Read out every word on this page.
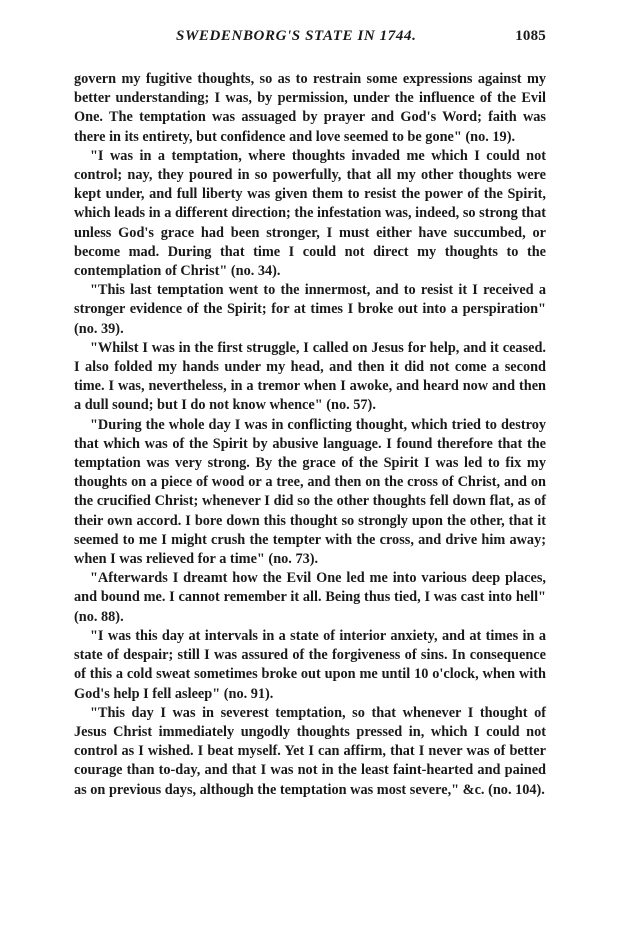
SWEDENBORG'S STATE IN 1744.	1085

govern my fugitive thoughts, so as to restrain some expressions against my better understanding; I was, by permission, under the influence of the Evil One. The temptation was assuaged by prayer and God's Word; faith was there in its entirety, but confidence and love seemed to be gone" (no. 19).

"I was in a temptation, where thoughts invaded me which I could not control; nay, they poured in so powerfully, that all my other thoughts were kept under, and full liberty was given them to resist the power of the Spirit, which leads in a different direction; the infestation was, indeed, so strong that unless God's grace had been stronger, I must either have succumbed, or become mad. During that time I could not direct my thoughts to the contemplation of Christ" (no. 34).

"This last temptation went to the innermost, and to resist it I received a stronger evidence of the Spirit; for at times I broke out into a perspiration" (no. 39).

"Whilst I was in the first struggle, I called on Jesus for help, and it ceased. I also folded my hands under my head, and then it did not come a second time. I was, nevertheless, in a tremor when I awoke, and heard now and then a dull sound; but I do not know whence" (no. 57).

"During the whole day I was in conflicting thought, which tried to destroy that which was of the Spirit by abusive language. I found therefore that the temptation was very strong. By the grace of the Spirit I was led to fix my thoughts on a piece of wood or a tree, and then on the cross of Christ, and on the crucified Christ; whenever I did so the other thoughts fell down flat, as of their own accord. I bore down this thought so strongly upon the other, that it seemed to me I might crush the tempter with the cross, and drive him away; when I was relieved for a time" (no. 73).

"Afterwards I dreamt how the Evil One led me into various deep places, and bound me. I cannot remember it all. Being thus tied, I was cast into hell" (no. 88).

"I was this day at intervals in a state of interior anxiety, and at times in a state of despair; still I was assured of the forgiveness of sins. In consequence of this a cold sweat sometimes broke out upon me until 10 o'clock, when with God's help I fell asleep" (no. 91).

"This day I was in severest temptation, so that whenever I thought of Jesus Christ immediately ungodly thoughts pressed in, which I could not control as I wished. I beat myself. Yet I can affirm, that I never was of better courage than to-day, and that I was not in the least faint-hearted and pained as on previous days, although the temptation was most severe," &c. (no. 104).
